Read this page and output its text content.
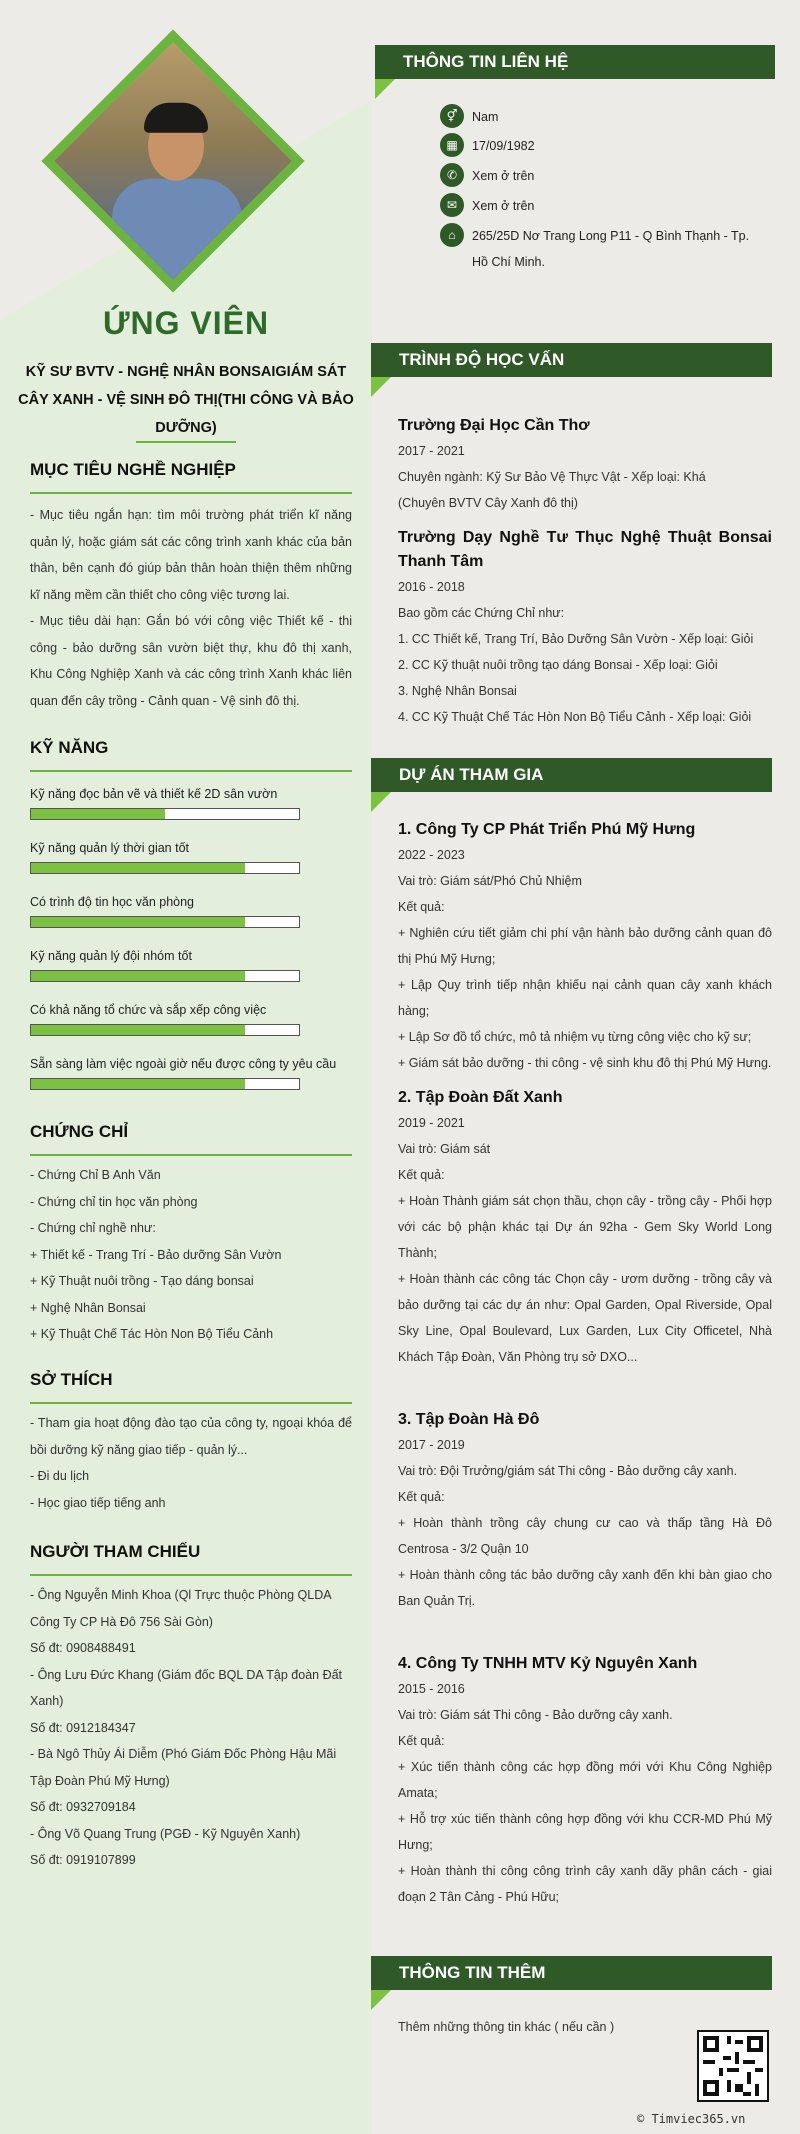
ỨNG VIÊN
KỸ SƯ BVTV - NGHỆ NHÂN BONSAIGIÁM SÁT CÂY XANH - VỆ SINH ĐÔ THỊ(THI CÔNG VÀ BẢO DƯỠNG)
MỤC TIÊU NGHỀ NGHIỆP
- Mục tiêu ngắn hạn: tìm môi trường phát triển kĩ năng quản lý, hoặc giám sát các công trình xanh khác của bản thân, bên cạnh đó giúp bản thân hoàn thiện thêm những kĩ năng mềm cần thiết cho công việc tương lai.
- Mục tiêu dài hạn: Gắn bó với công việc Thiết kế - thi công - bảo dưỡng sân vườn biệt thự, khu đô thị xanh, Khu Công Nghiệp Xanh và các công trình Xanh khác liên quan đến cây trồng - Cảnh quan - Vệ sinh đô thị.
KỸ NĂNG
Kỹ năng đọc bản vẽ và thiết kế 2D sân vườn
Kỹ năng quản lý thời gian tốt
Có trình độ tin học văn phòng
Kỹ năng quản lý đội nhóm tốt
Có khả năng tổ chức và sắp xếp công việc
Sẵn sàng làm việc ngoài giờ nếu được công ty yêu cầu
CHỨNG CHỈ
- Chứng Chỉ B Anh Văn
- Chứng chỉ tin học văn phòng
- Chứng chỉ nghề như:
+ Thiết kế - Trang Trí - Bảo dưỡng Sân Vườn
+ Kỹ Thuật nuôi trồng - Tạo dáng bonsai
+ Nghệ Nhân Bonsai
+ Kỹ Thuật Chế Tác Hòn Non Bộ Tiểu Cảnh
SỞ THÍCH
- Tham gia hoạt động đào tạo của công ty, ngoại khóa để bồi dưỡng kỹ năng giao tiếp - quản lý...
- Đi du lịch
- Học giao tiếp tiếng anh
NGƯỜI THAM CHIẾU
- Ông Nguyễn Minh Khoa (Ql Trực thuộc Phòng QLDA Công Ty CP Hà Đô 756 Sài Gòn)
Số đt: 0908488491
- Ông Lưu Đức Khang (Giám đốc BQL DA Tập đoàn Đất Xanh)
Số đt: 0912184347
- Bà Ngô Thủy Ái Diễm (Phó Giám Đốc Phòng Hậu Mãi Tập Đoàn Phú Mỹ Hưng)
Số đt: 0932709184
- Ông Võ Quang Trung (PGĐ - Kỹ Nguyên Xanh)
Số đt: 0919107899
THÔNG TIN LIÊN HỆ
⚥	Nam
▦	17/09/1982
✆	Xem ở trên
✉	Xem ở trên
⌂	265/25D Nơ Trang Long P11 - Q Bình Thạnh - Tp. Hồ Chí Minh.
TRÌNH ĐỘ HỌC VẤN
Trường Đại Học Cần Thơ
2017 - 2021
Chuyên ngành: Kỹ Sư Bảo Vệ Thực Vật - Xếp loại: Khá
(Chuyên BVTV Cây Xanh đô thị)
Trường Dạy Nghề Tư Thục Nghệ Thuật Bonsai Thanh Tâm
2016 - 2018
Bao gồm các Chứng Chỉ như:
1. CC Thiết kế, Trang Trí, Bảo Dưỡng Sân Vườn - Xếp loại: Giỏi
2. CC Kỹ thuật nuôi trồng tạo dáng Bonsai - Xếp loại: Giỏi
3. Nghệ Nhân Bonsai
4. CC Kỹ Thuật Chế Tác Hòn Non Bộ Tiểu Cảnh - Xếp loại: Giỏi
DỰ ÁN THAM GIA
1. Công Ty CP Phát Triển Phú Mỹ Hưng
2022 - 2023
Vai trò: Giám sát/Phó Chủ Nhiệm
Kết quả:
+ Nghiên cứu tiết giảm chi phí vận hành bảo dưỡng cảnh quan đô thị Phú Mỹ Hưng;
+ Lập Quy trình tiếp nhận khiếu nại cảnh quan cây xanh khách hàng;
+ Lập Sơ đồ tổ chức, mô tả nhiệm vụ từng công việc cho kỹ sư;
+ Giám sát bảo dưỡng - thi công - vệ sinh khu đô thị Phú Mỹ Hưng.
2. Tập Đoàn Đất Xanh
2019 - 2021
Vai trò: Giám sát
Kết quả:
+ Hoàn Thành giám sát chọn thầu, chọn cây - trồng cây - Phối hợp với các bộ phận khác tại Dự án 92ha - Gem Sky World Long Thành;
+ Hoàn thành các công tác Chọn cây - ươm dưỡng - trồng cây và bảo dưỡng tại các dự án như: Opal Garden, Opal Riverside, Opal Sky Line, Opal Boulevard, Lux Garden, Lux City Officetel, Nhà Khách Tập Đoàn, Văn Phòng trụ sở DXO...
3. Tập Đoàn Hà Đô
2017 - 2019
Vai trò: Đội Trưởng/giám sát Thi công - Bảo dưỡng cây xanh.
Kết quả:
+ Hoàn thành trồng cây chung cư cao và thấp tầng Hà Đô Centrosa - 3/2 Quận 10
+ Hoàn thành công tác bảo dưỡng cây xanh đến khi bàn giao cho Ban Quản Trị.
4. Công Ty TNHH MTV Kỷ Nguyên Xanh
2015 - 2016
Vai trò: Giám sát Thi công - Bảo dưỡng cây xanh.
Kết quả:
+ Xúc tiến thành công các hợp đồng mới với Khu Công Nghiệp Amata;
+ Hỗ trợ xúc tiến thành công hợp đồng với khu CCR-MD Phú Mỹ Hưng;
+ Hoàn thành thi công công trình cây xanh dãy phân cách - giai đoạn 2 Tân Cảng - Phú Hữu;
THÔNG TIN THÊM
Thêm những thông tin khác ( nếu cần )
© Timviec365.vn
